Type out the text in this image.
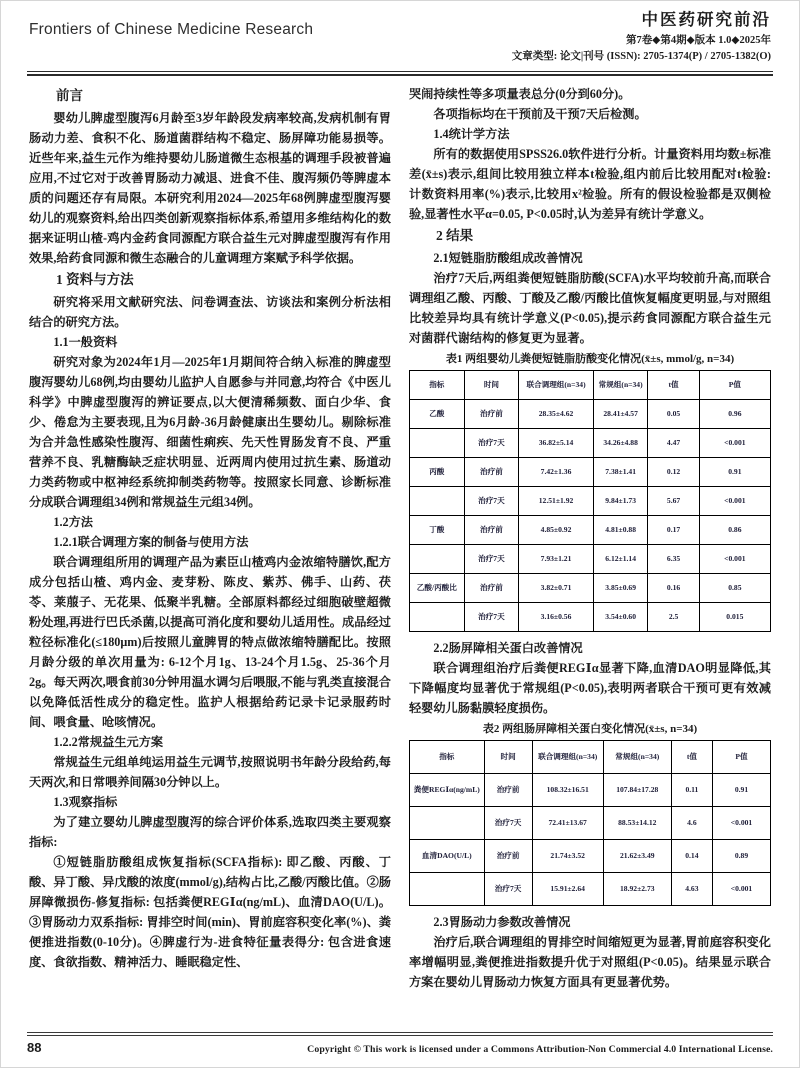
Frontiers of Chinese Medicine Research
中医药研究前沿
第7卷◆第4期◆版本 1.0◆2025年
文章类型: 论文|刊号 (ISSN): 2705-1374(P) / 2705-1382(O)
前言

婴幼儿脾虚型腹泻6月龄至3岁年龄段发病率较高,发病机制有胃肠动力差、食积不化、肠道菌群结构不稳定、肠屏障功能易损等。近些年来,益生元作为维持婴幼儿肠道微生态根基的调理手段被普遍应用,不过它对于改善胃肠动力减退、进食不佳、腹泻频仍等脾虚本质的问题还存有局限。本研究利用2024—2025年68例脾虚型腹泻婴幼儿的观察资料,给出四类创新观察指标体系,希望用多维结构化的数据来证明山楂-鸡内金药食同源配方联合益生元对脾虚型腹泻有作用效果,给药食同源和微生态融合的儿童调理方案赋予科学依据。

1 资料与方法

研究将采用文献研究法、问卷调查法、访谈法和案例分析法相结合的研究方法。

1.1一般资料

研究对象为2024年1月—2025年1月期间符合纳入标准的脾虚型腹泻婴幼儿68例,均由婴幼儿监护人自愿参与并同意,均符合《中医儿科学》中脾虚型腹泻的辨证要点,以大便清稀频数、面白少华、食少、倦怠为主要表现,且为6月龄-36月龄健康出生婴幼儿。剔除标准为合并急性感染性腹泻、细菌性痢疾、先天性胃肠发育不良、严重营养不良、乳糖酶缺乏症状明显、近两周内使用过抗生素、肠道动力类药物或中枢神经系统抑制类药物等。按照家长同意、诊断标准分成联合调理组34例和常规益生元组34例。

1.2方法
1.2.1联合调理方案的制备与使用方法

联合调理组所用的调理产品为素臣山楂鸡内金浓缩特膳饮,配方成分包括山楂、鸡内金、麦芽粉、陈皮、紫苏、佛手、山药、茯苓、莱菔子、无花果、低聚半乳糖。全部原料都经过细胞破壁超微粉处理,再进行巴氏杀菌,以提高可消化度和婴幼儿适用性。成品经过粒径标准化(≤180μm)后按照儿童脾胃的特点做浓缩特膳配比。按照月龄分级的单次用量为: 6-12个月1g、13-24个月1.5g、25-36个月2g。每天两次,喂食前30分钟用温水调匀后喂服,不能与乳类直接混合以免降低活性成分的稳定性。监护人根据给药记录卡记录服药时间、喂食量、呛咳情况。

1.2.2常规益生元方案

常规益生元组单纯运用益生元调节,按照说明书年龄分段给药,每天两次,和日常喂养间隔30分钟以上。

1.3观察指标

为了建立婴幼儿脾虚型腹泻的综合评价体系,选取四类主要观察指标:

①短链脂肪酸组成恢复指标(SCFA指标): 即乙酸、丙酸、丁酸、异丁酸、异戊酸的浓度(mmol/g),结构占比,乙酸/丙酸比值。②肠屏障微损伤-修复指标: 包括粪便REGⅠα(ng/mL)、血清DAO(U/L)。③胃肠动力双系指标: 胃排空时间(min)、胃前庭容积变化率(%)、粪便推进指数(0-10分)。④脾虚行为-进食特征量表得分: 包含进食速度、食欲指数、精神活力、睡眠稳定性、

哭闹持续性等多项量表总分(0分到60分)。

各项指标均在干预前及干预7天后检测。

1.4统计学方法

所有的数据使用SPSS26.0软件进行分析。计量资料用均数±标准差(x̄±s)表示,组间比较用独立样本t检验,组内前后比较用配对t检验: 计数资料用率(%)表示,比较用x²检验。所有的假设检验都是双侧检验,显著性水平α=0.05, P<0.05时,认为差异有统计学意义。

2 结果
2.1短链脂肪酸组成改善情况

治疗7天后,两组粪便短链脂肪酸(SCFA)水平均较前升高,而联合调理组乙酸、丙酸、丁酸及乙酸/丙酸比值恢复幅度更明显,与对照组比较差异均具有统计学意义(P<0.05),提示药食同源配方联合益生元对菌群代谢结构的修复更为显著。

表1 两组婴幼儿粪便短链脂肪酸变化情况(x̄±s, mmol/g, n=34)
指标	时间	联合调理组(n=34)	常规组(n=34)	t值	P值
乙酸	治疗前	28.35±4.62	28.41±4.57	0.05	0.96
	治疗7天	36.82±5.14	34.26±4.88	4.47	<0.001
丙酸	治疗前	7.42±1.36	7.38±1.41	0.12	0.91
	治疗7天	12.51±1.92	9.84±1.73	5.67	<0.001
丁酸	治疗前	4.85±0.92	4.81±0.88	0.17	0.86
	治疗7天	7.93±1.21	6.12±1.14	6.35	<0.001
乙酸/丙酸比	治疗前	3.82±0.71	3.85±0.69	0.16	0.85
	治疗7天	3.16±0.56	3.54±0.60	2.5	0.015
2.2肠屏障相关蛋白改善情况

联合调理组治疗后粪便REGⅠα显著下降,血清DAO明显降低,其下降幅度均显著优于常规组(P<0.05),表明两者联合干预可更有效减轻婴幼儿肠黏膜轻度损伤。

表2 两组肠屏障相关蛋白变化情况(x̄±s, n=34)
指标	时间	联合调理组(n=34)	常规组(n=34)	t值	P值
粪便REGⅠα(ng/mL)	治疗前	108.32±16.51	107.84±17.28	0.11	0.91
	治疗7天	72.41±13.67	88.53±14.12	4.6	<0.001
血清DAO(U/L)	治疗前	21.74±3.52	21.62±3.49	0.14	0.89
	治疗7天	15.91±2.64	18.92±2.73	4.63	<0.001
2.3胃肠动力参数改善情况

治疗后,联合调理组的胃排空时间缩短更为显著,胃前庭容积变化率增幅明显,粪便推进指数提升优于对照组(P<0.05)。结果显示联合方案在婴幼儿胃肠动力恢复方面具有更显著优势。

88	Copyright © This work is licensed under a Commons Attribution-Non Commercial 4.0 International License.
